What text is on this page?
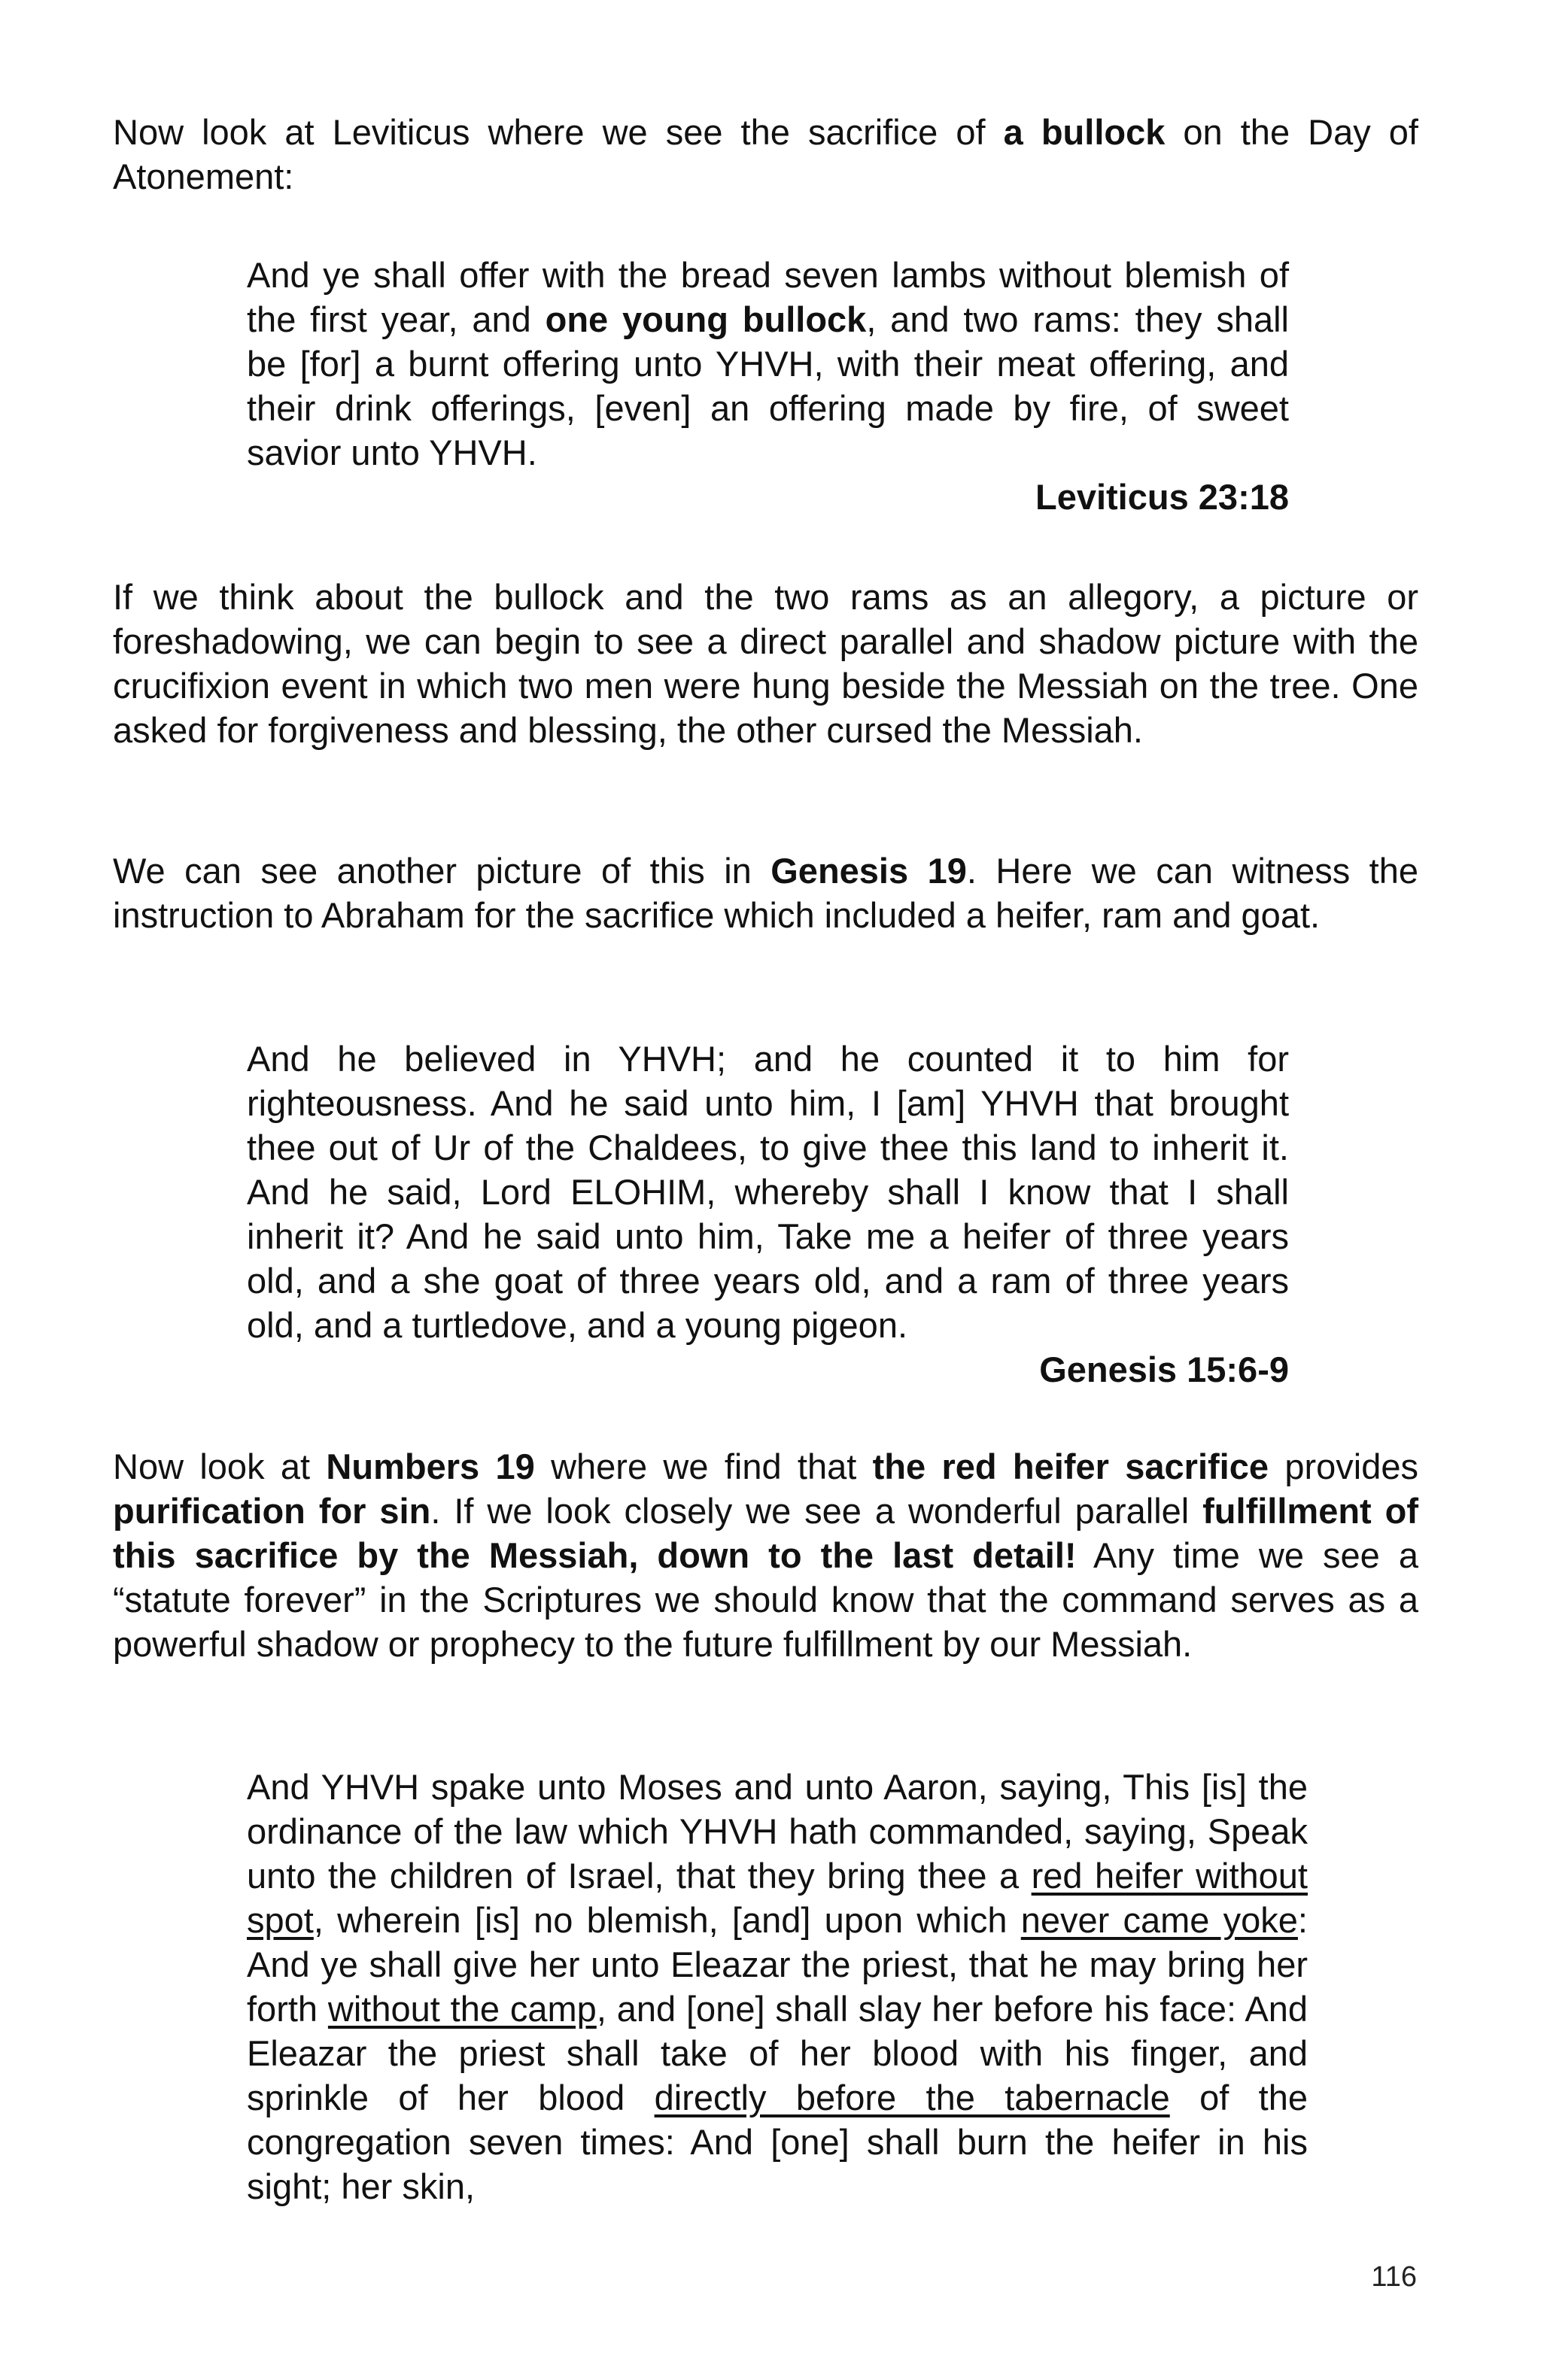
Now look at Leviticus where we see the sacrifice of a bullock on the Day of Atonement:

And ye shall offer with the bread seven lambs without blemish of the first year, and one young bullock, and two rams: they shall be [for] a burnt offering unto YHVH, with their meat offering, and their drink offerings, [even] an offering made by fire, of sweet savior unto YHVH.
Leviticus 23:18

If we think about the bullock and the two rams as an allegory, a picture or foreshadowing, we can begin to see a direct parallel and shadow picture with the crucifixion event in which two men were hung beside the Messiah on the tree. One asked for forgiveness and blessing, the other cursed the Messiah.

We can see another picture of this in Genesis 19. Here we can witness the instruction to Abraham for the sacrifice which included a heifer, ram and goat.

Genesis 15:6-9
And he believed in YHVH; and he counted it to him for righteousness. And he said unto him, I [am] YHVH that brought thee out of Ur of the Chaldees, to give thee this land to inherit it. And he said, Lord ELOHIM, whereby shall I know that I shall inherit it? And he said unto him, Take me a heifer of three years old, and a she goat of three years old, and a ram of three years old, and a turtledove, and a young pigeon.

Now look at Numbers 19 where we find that the red heifer sacrifice provides purification for sin. If we look closely we see a wonderful parallel fulfillment of this sacrifice by the Messiah, down to the last detail! Any time we see a “statute forever” in the Scriptures we should know that the command serves as a powerful shadow or prophecy to the future fulfillment by our Messiah.

And YHVH spake unto Moses and unto Aaron, saying, This [is] the ordinance of the law which YHVH hath commanded, saying, Speak unto the children of Israel, that they bring thee a red heifer without spot, wherein [is] no blemish, [and] upon which never came yoke: And ye shall give her unto Eleazar the priest, that he may bring her forth without the camp, and [one] shall slay her before his face: And Eleazar the priest shall take of her blood with his finger, and sprinkle of her blood directly before the tabernacle of the congregation seven times: And [one] shall burn the heifer in his sight; her skin,

116
